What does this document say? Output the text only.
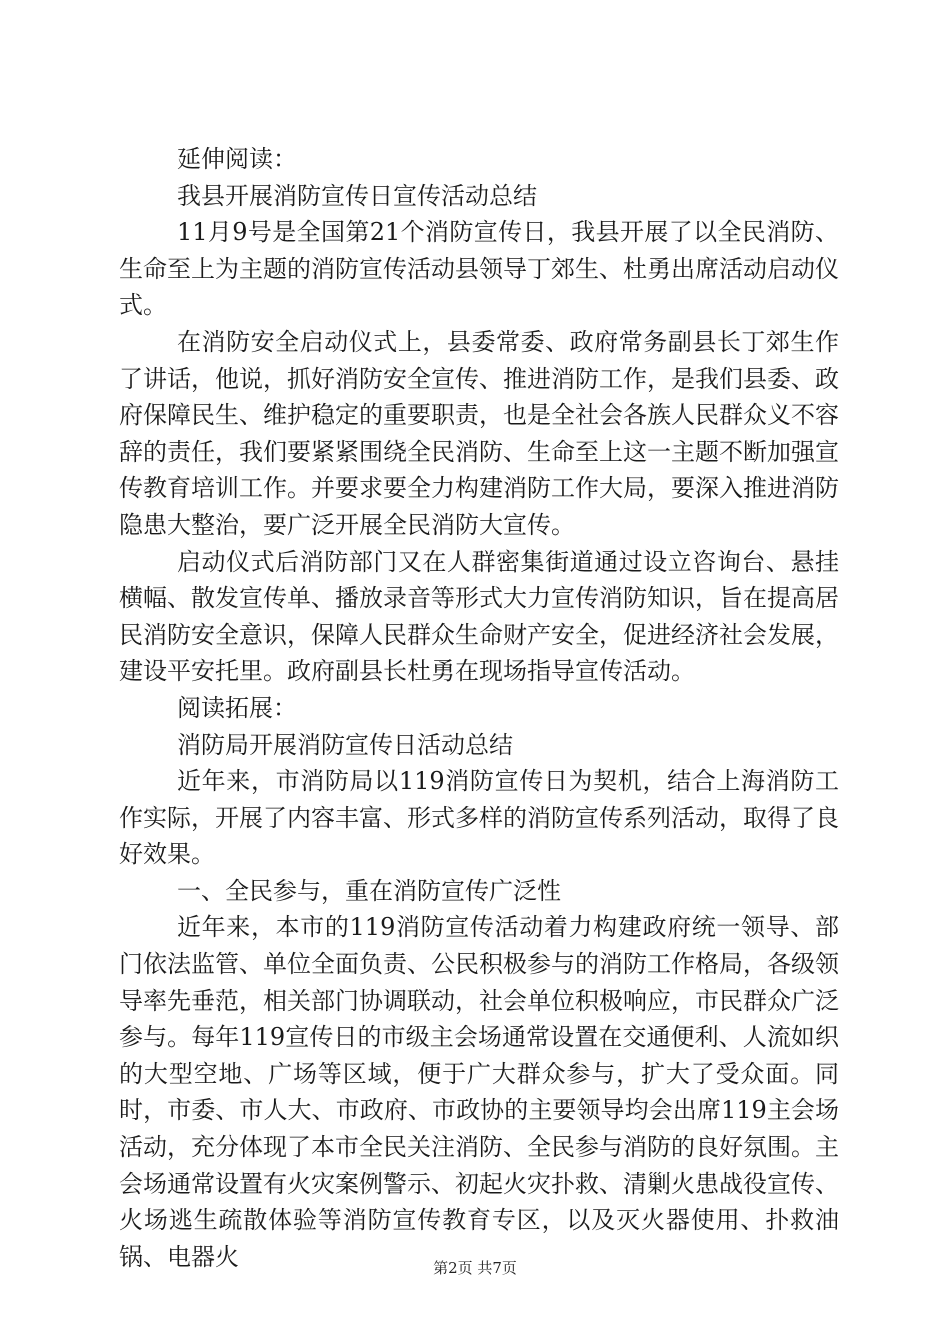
延伸阅读：

我县开展消防宣传日宣传活动总结

11月9号是全国第21个消防宣传日，我县开展了以全民消防、生命至上为主题的消防宣传活动县领导丁郊生、杜勇出席活动启动仪式。

在消防安全启动仪式上，县委常委、政府常务副县长丁郊生作了讲话，他说，抓好消防安全宣传、推进消防工作，是我们县委、政府保障民生、维护稳定的重要职责，也是全社会各族人民群众义不容辞的责任，我们要紧紧围绕全民消防、生命至上这一主题不断加强宣传教育培训工作。并要求要全力构建消防工作大局，要深入推进消防隐患大整治，要广泛开展全民消防大宣传。

启动仪式后消防部门又在人群密集街道通过设立咨询台、悬挂横幅、散发宣传单、播放录音等形式大力宣传消防知识，旨在提高居民消防安全意识，保障人民群众生命财产安全，促进经济社会发展，建设平安托里。政府副县长杜勇在现场指导宣传活动。

阅读拓展：

消防局开展消防宣传日活动总结

近年来，市消防局以119消防宣传日为契机，结合上海消防工作实际，开展了内容丰富、形式多样的消防宣传系列活动，取得了良好效果。

一、全民参与，重在消防宣传广泛性

近年来，本市的119消防宣传活动着力构建政府统一领导、部门依法监管、单位全面负责、公民积极参与的消防工作格局，各级领导率先垂范，相关部门协调联动，社会单位积极响应，市民群众广泛参与。每年119宣传日的市级主会场通常设置在交通便利、人流如织的大型空地、广场等区域，便于广大群众参与，扩大了受众面。同时，市委、市人大、市政府、市政协的主要领导均会出席119主会场活动，充分体现了本市全民关注消防、全民参与消防的良好氛围。主会场通常设置有火灾案例警示、初起火灾扑救、清剿火患战役宣传、火场逃生疏散体验等消防宣传教育专区，以及灭火器使用、扑救油锅、电器火	第2页 共7页
